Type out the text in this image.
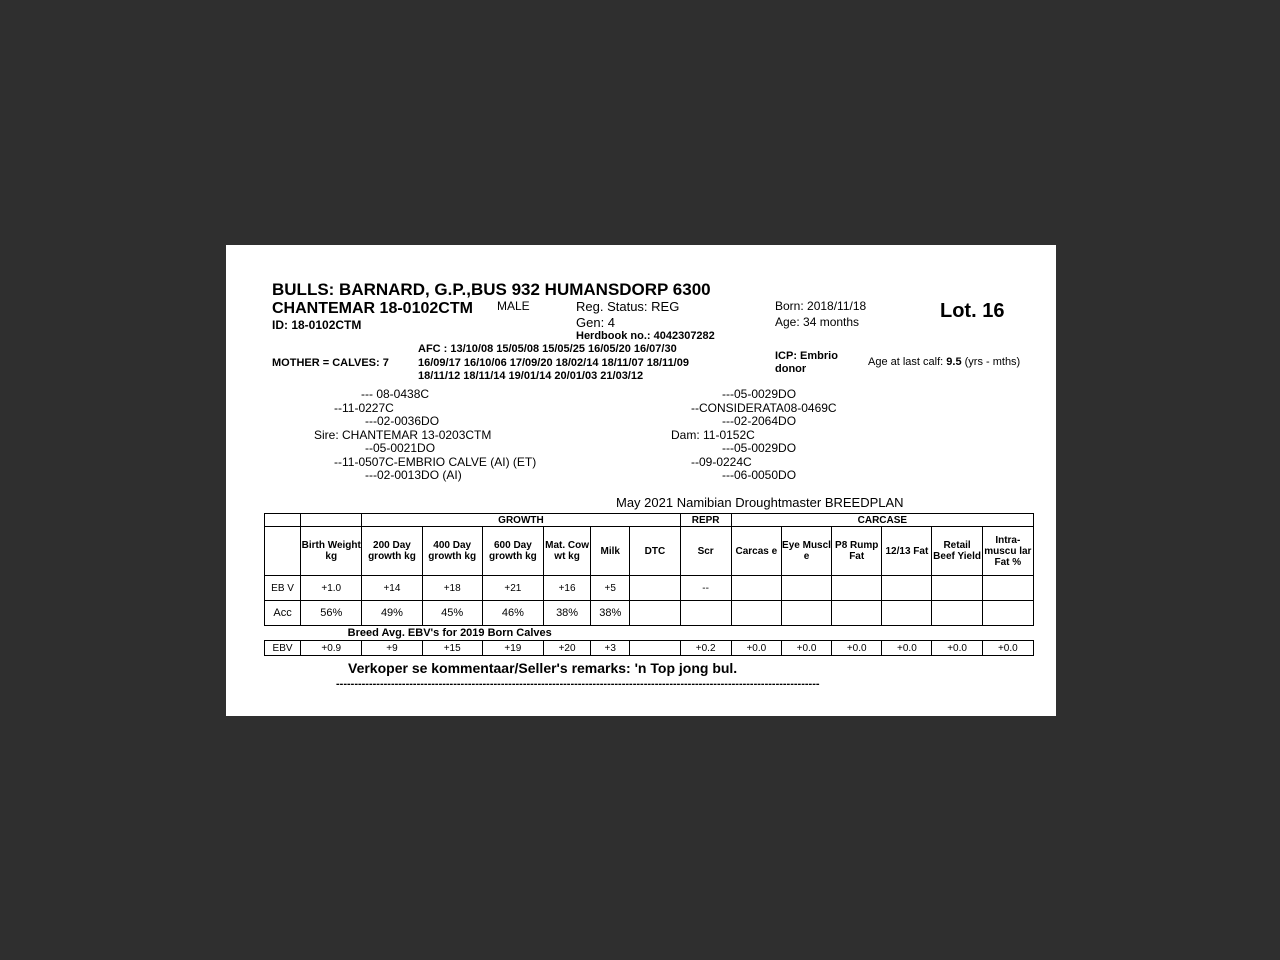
BULLS: BARNARD, G.P.,BUS 932 HUMANSDORP 6300
CHANTEMAR 18-0102CTM MALE
ID: 18-0102CTM
Reg. Status: REG
Gen: 4
Herdbook no.: 4042307282
Born: 2018/11/18
Age: 34 months	Lot. 16
AFC : 13/10/08 15/05/08 15/05/25 16/05/20 16/07/30
MOTHER = CALVES: 7	16/09/17 16/10/06 17/09/20 18/02/14 18/11/07 18/11/09
18/11/12 18/11/14 19/01/14 20/01/03 21/03/12
ICP: Embrio
donor
Age at last calf: 9.5 (yrs - mths)
--- 08-0438C
--11-0227C
---02-0036DO
Sire: CHANTEMAR 13-0203CTM
--05-0021DO
--11-0507C-EMBRIO CALVE (AI) (ET)
---02-0013DO (AI)
---05-0029DO
--CONSIDERATA08-0469C
---02-2064DO
Dam: 11-0152C
---05-0029DO
--09-0224C
---06-0050DO
May 2021 Namibian Droughtmaster BREEDPLAN
		GROWTH						REPR	CARCASE					
	Birth Weight kg	200 Day growth kg	400 Day growth kg	600 Day growth kg	Mat. Cow wt kg	Milk	DTC	Scr	Carcas e	Eye Muscl e	P8 Rump Fat	12/13 Fat	Retail Beef Yield	Intra- muscu lar Fat %
EB V	+1.0	+14	+18	+21	+16	+5		--						
Acc	56%	49%	45%	46%	38%	38%								
	Breed Avg. EBV's for 2019 Born Calves													
EBV	+0.9	+9	+15	+19	+20	+3		+0.2	+0.0	+0.0	+0.0	+0.0	+0.0	+0.0
Verkoper se kommentaar/Seller's remarks: 'n Top jong bul.
------------------------------------------------------------------------------------------------------------------------------------
